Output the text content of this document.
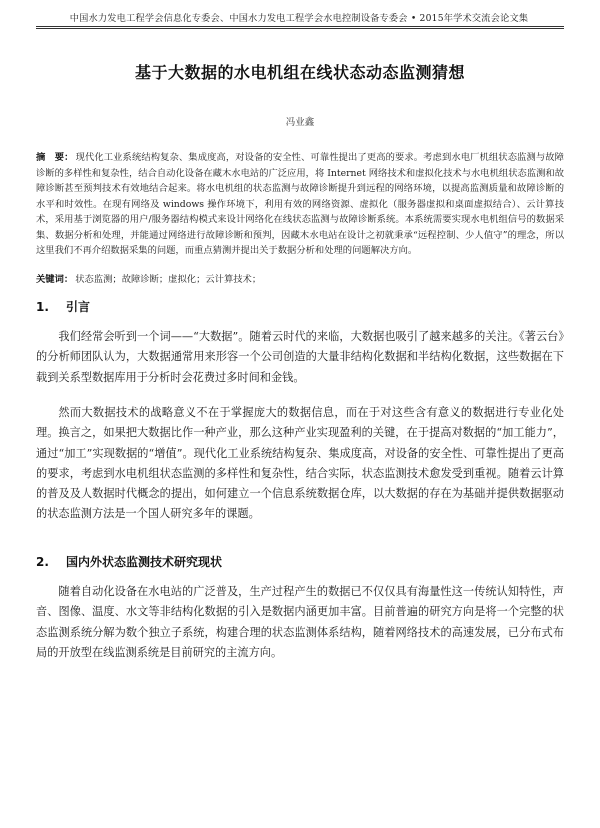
中国水力发电工程学会信息化专委会、中国水力发电工程学会水电控制设备专委会 • 2015年学术交流会论文集
基于大数据的水电机组在线状态动态监测猜想
冯业鑫
摘　要： 现代化工业系统结构复杂、集成度高，对设备的安全性、可靠性提出了更高的要求。考虑到水电厂机组状态监测与故障诊断的多样性和复杂性，结合自动化设备在藏木水电站的广泛应用，将 Internet 网络技术和虚拟化技术与水电机组状态监测和故障诊断甚至预判技术有效地结合起来。将水电机组的状态监测与故障诊断提升到远程的网络环境，以提高监测质量和故障诊断的水平和时效性。在现有网络及 windows 操作环境下，利用有效的网络资源、虚拟化（服务器虚拟和桌面虚拟结合）、云计算技术，采用基于浏览器的用户/服务器结构模式来设计网络化在线状态监测与故障诊断系统。本系统需要实现水电机组信号的数据采集、数据分析和处理，并能通过网络进行故障诊断和预判，因藏木水电站在设计之初就秉承“远程控制、少人值守”的理念，所以这里我们不再介绍数据采集的问题，而重点猜测并提出关于数据分析和处理的问题解决方向。
关键词： 状态监测；故障诊断；虚拟化；云计算技术；
1. 引言
我们经常会听到一个词——“大数据”。随着云时代的来临，大数据也吸引了越来越多的关注。《著云台》的分析师团队认为，大数据通常用来形容一个公司创造的大量非结构化数据和半结构化数据，这些数据在下载到关系型数据库用于分析时会花费过多时间和金钱。
然而大数据技术的战略意义不在于掌握庞大的数据信息，而在于对这些含有意义的数据进行专业化处理。换言之，如果把大数据比作一种产业，那么这种产业实现盈利的关键，在于提高对数据的“加工能力”，通过“加工”实现数据的“增值”。现代化工业系统结构复杂、集成度高，对设备的安全性、可靠性提出了更高的要求，考虑到水电机组状态监测的多样性和复杂性，结合实际，状态监测技术愈发受到重视。随着云计算的普及及人数据时代概念的提出，如何建立一个信息系统数据仓库，以大数据的存在为基础并提供数据驱动的状态监测方法是一个国人研究多年的课题。
2. 国内外状态监测技术研究现状
随着自动化设备在水电站的广泛普及，生产过程产生的数据已不仅仅具有海量性这一传统认知特性，声音、图像、温度、水文等非结构化数据的引入是数据内涵更加丰富。目前普遍的研究方向是将一个完整的状态监测系统分解为数个独立子系统，构建合理的状态监测体系结构，随着网络技术的高速发展，已分布式布局的开放型在线监测系统是目前研究的主流方向。
